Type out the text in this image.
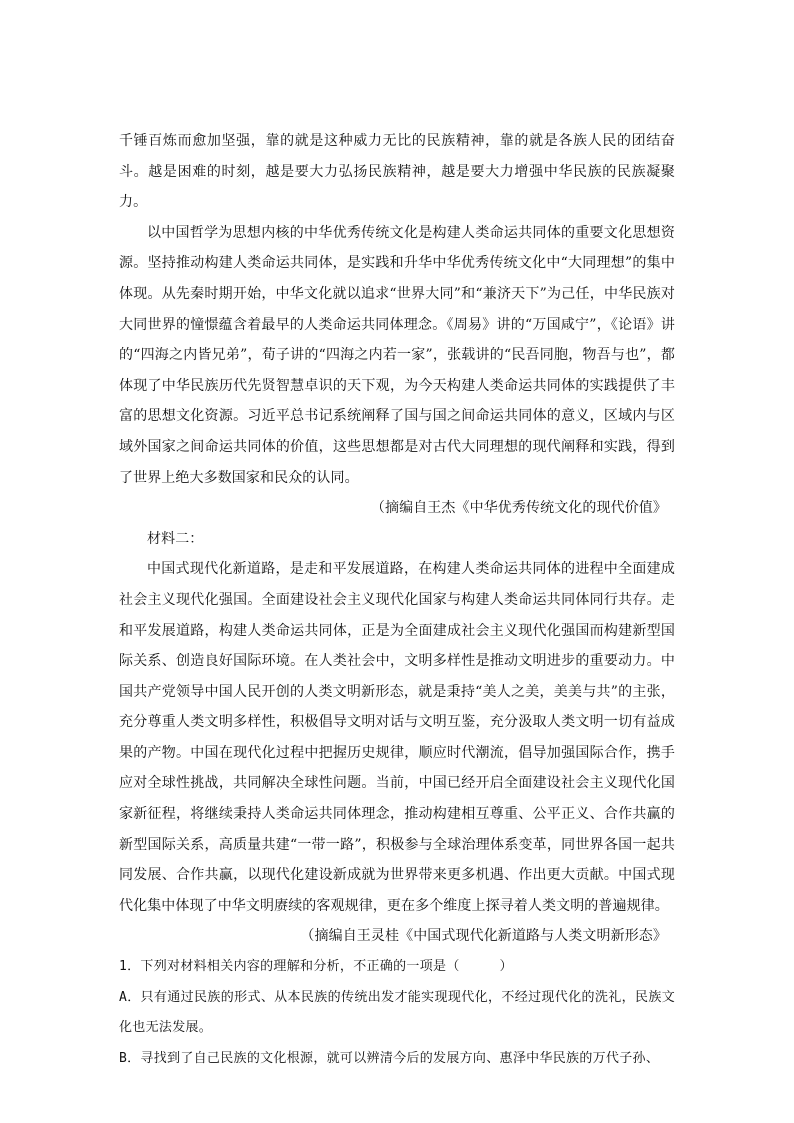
千锤百炼而愈加坚强，靠的就是这种威力无比的民族精神，靠的就是各族人民的团结奋斗。越是困难的时刻，越是要大力弘扬民族精神，越是要大力增强中华民族的民族凝聚力。

以中国哲学为思想内核的中华优秀传统文化是构建人类命运共同体的重要文化思想资源。坚持推动构建人类命运共同体，是实践和升华中华优秀传统文化中“大同理想”的集中体现。从先秦时期开始，中华文化就以追求“世界大同”和“兼济天下”为己任，中华民族对大同世界的憧憬蕴含着最早的人类命运共同体理念。《周易》讲的“万国咸宁”，《论语》讲的“四海之内皆兄弟”，荀子讲的“四海之内若一家”，张载讲的“民吾同胞，物吾与也”，都体现了中华民族历代先贤智慧卓识的天下观，为今天构建人类命运共同体的实践提供了丰富的思想文化资源。习近平总书记系统阐释了国与国之间命运共同体的意义，区域内与区域外国家之间命运共同体的价值，这些思想都是对古代大同理想的现代阐释和实践，得到了世界上绝大多数国家和民众的认同。

（摘编自王杰《中华优秀传统文化的现代价值》

材料二：

中国式现代化新道路，是走和平发展道路，在构建人类命运共同体的进程中全面建成社会主义现代化强国。全面建设社会主义现代化国家与构建人类命运共同体同行共存。走和平发展道路，构建人类命运共同体，正是为全面建成社会主义现代化强国而构建新型国际关系、创造良好国际环境。在人类社会中，文明多样性是推动文明进步的重要动力。中国共产党领导中国人民开创的人类文明新形态，就是秉持“美人之美，美美与共”的主张，充分尊重人类文明多样性，积极倡导文明对话与文明互鉴，充分汲取人类文明一切有益成果的产物。中国在现代化过程中把握历史规律，顺应时代潮流，倡导加强国际合作，携手应对全球性挑战，共同解决全球性问题。当前，中国已经开启全面建设社会主义现代化国家新征程，将继续秉持人类命运共同体理念，推动构建相互尊重、公平正义、合作共赢的新型国际关系，高质量共建“一带一路”，积极参与全球治理体系变革，同世界各国一起共同发展、合作共赢，以现代化建设新成就为世界带来更多机遇、作出更大贡献。中国式现代化集中体现了中华文明赓续的客观规律，更在多个维度上探寻着人类文明的普遍规律。

（摘编自王灵桂《中国式现代化新道路与人类文明新形态》

1．下列对材料相关内容的理解和分析，不正确的一项是（　　　）

A．只有通过民族的形式、从本民族的传统出发才能实现现代化，不经过现代化的洗礼，民族文化也无法发展。

B．寻找到了自己民族的文化根源，就可以辨清今后的发展方向、惠泽中华民族的万代子孙、
